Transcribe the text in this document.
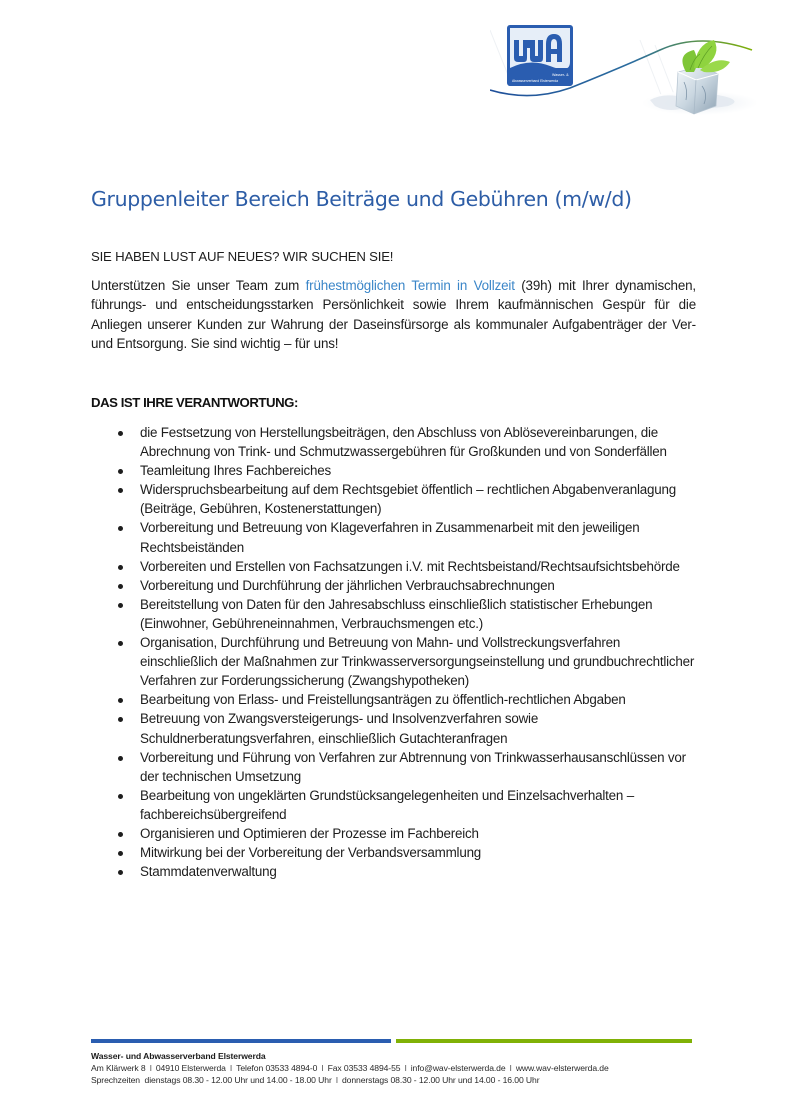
Wasser- &
Abwasserverband Elsterwerda
Gruppenleiter Bereich Beiträge und Gebühren (m/w/d)

SIE HABEN LUST AUF NEUES? WIR SUCHEN SIE!

Unterstützen Sie unser Team zum frühestmöglichen Termin in Vollzeit (39h) mit Ihrer dynamischen, führungs- und entscheidungsstarken Persönlichkeit sowie Ihrem kaufmännischen Gespür für die Anliegen unserer Kunden zur Wahrung der Daseinsfürsorge als kommunaler Aufgabenträger der Ver- und Entsorgung. Sie sind wichtig – für uns!

DAS IST IHRE VERANTWORTUNG:
die Festsetzung von Herstellungsbeiträgen, den Abschluss von Ablösevereinbarungen, die Abrechnung von Trink- und Schmutzwassergebühren für Großkunden und von Sonderfällen
Teamleitung Ihres Fachbereiches
Widerspruchsbearbeitung auf dem Rechtsgebiet öffentlich – rechtlichen Abgabenveranlagung (Beiträge, Gebühren, Kostenerstattungen)
Vorbereitung und Betreuung von Klageverfahren in Zusammenarbeit mit den jeweiligen Rechtsbeiständen
Vorbereiten und Erstellen von Fachsatzungen i.V. mit Rechtsbeistand/Rechtsaufsichtsbehörde
Vorbereitung und Durchführung der jährlichen Verbrauchsabrechnungen
Bereitstellung von Daten für den Jahresabschluss einschließlich statistischer Erhebungen (Einwohner, Gebühreneinnahmen, Verbrauchsmengen etc.)
Organisation, Durchführung und Betreuung von Mahn- und Vollstreckungsverfahren einschließlich der Maßnahmen zur Trinkwasserversorgungseinstellung und grundbuchrechtlicher Verfahren zur Forderungssicherung (Zwangshypotheken)
Bearbeitung von Erlass- und Freistellungsanträgen zu öffentlich-rechtlichen Abgaben
Betreuung von Zwangsversteigerungs- und Insolvenzverfahren sowie Schuldnerberatungsverfahren, einschließlich Gutachteranfragen
Vorbereitung und Führung von Verfahren zur Abtrennung von Trinkwasserhausanschlüssen vor der technischen Umsetzung
Bearbeitung von ungeklärten Grundstücksangelegenheiten und Einzelsachverhalten – fachbereichsübergreifend
Organisieren und Optimieren der Prozesse im Fachbereich
Mitwirkung bei der Vorbereitung der Verbandsversammlung
Stammdatenverwaltung
Wasser- und Abwasserverband Elsterwerda
Am Klärwerk 8 I 04910 Elsterwerda I Telefon 03533 4894-0 I Fax 03533 4894-55 I info@wav-elsterwerda.de I www.wav-elsterwerda.de
Sprechzeiten dienstags 08.30 - 12.00 Uhr und 14.00 - 18.00 Uhr I donnerstags 08.30 - 12.00 Uhr und 14.00 - 16.00 Uhr
